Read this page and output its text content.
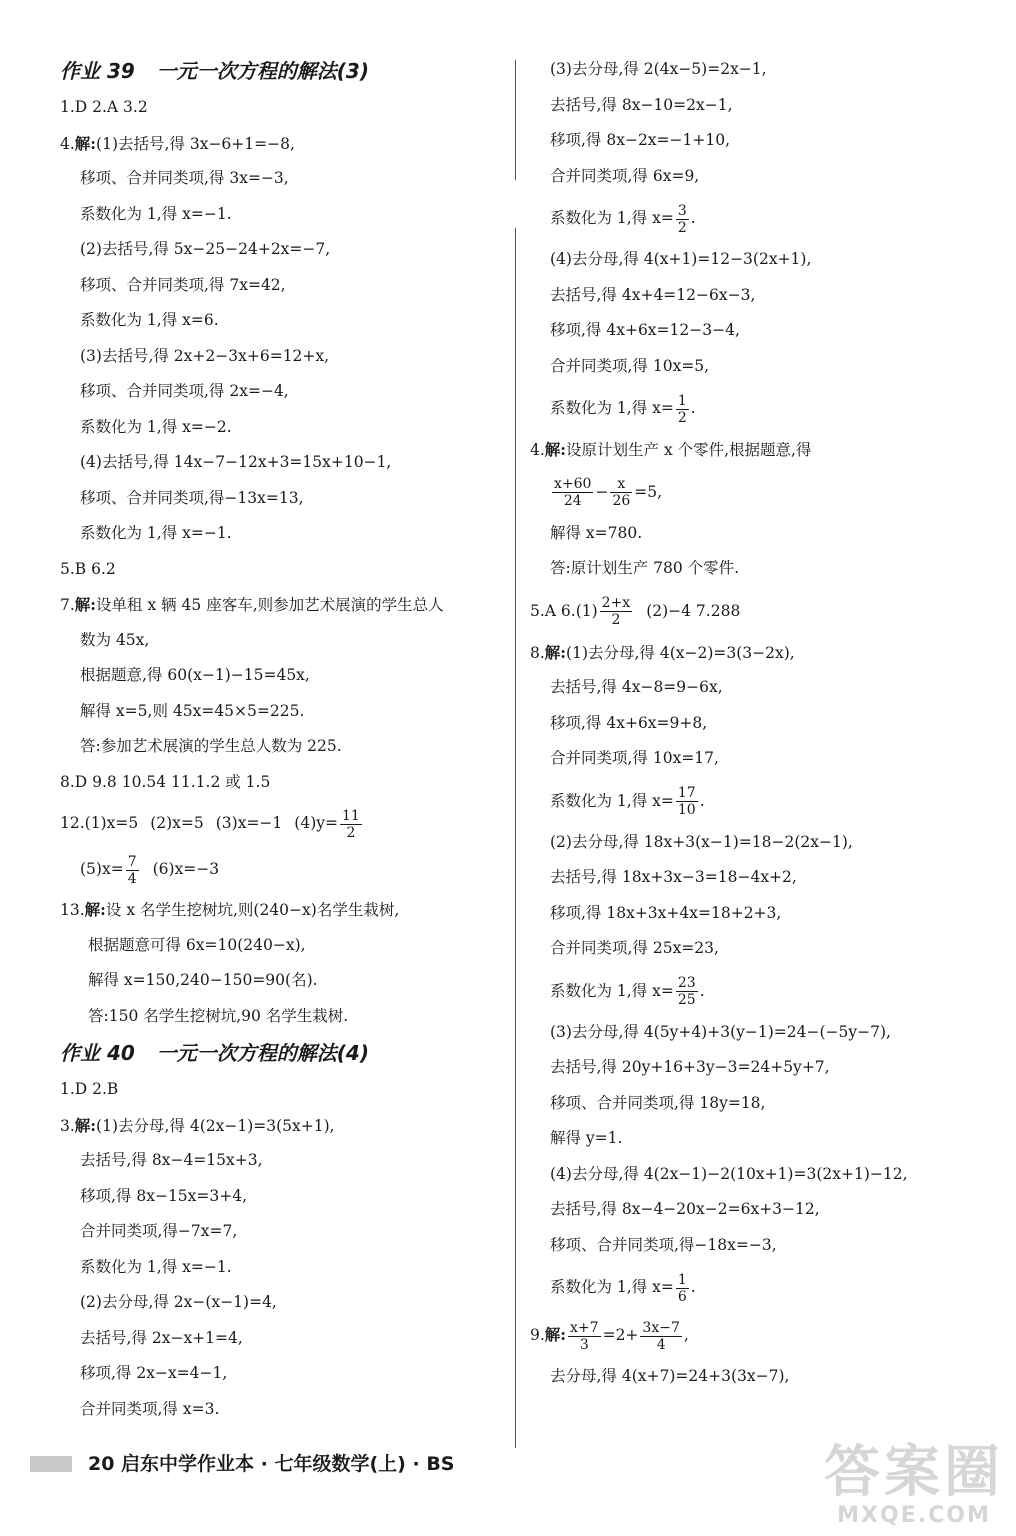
作业 39 一元一次方程的解法(3)
1.D 2.A 3.2
4.解:(1)去括号,得 3x−6+1=−8,
移项、合并同类项,得 3x=−3,
系数化为 1,得 x=−1.
(2)去括号,得 5x−25−24+2x=−7,
移项、合并同类项,得 7x=42,
系数化为 1,得 x=6.
(3)去括号,得 2x+2−3x+6=12+x,
移项、合并同类项,得 2x=−4,
系数化为 1,得 x=−2.
(4)去括号,得 14x−7−12x+3=15x+10−1,
移项、合并同类项,得−13x=13,
系数化为 1,得 x=−1.
5.B 6.2
7.解:设单租 x 辆 45 座客车,则参加艺术展演的学生总人
数为 45x,
根据题意,得 60(x−1)−15=45x,
解得 x=5,则 45x=45×5=225.
答:参加艺术展演的学生总人数为 225.
8.D 9.8 10.54 11.1.2 或 1.5
12.(1)x=5 (2)x=5 (3)x=−1 $(4)y= \frac{11}{2}$
$(5)x= \frac{7}{4} (6)x=-3$
13.解:设 x 名学生挖树坑,则(240−x)名学生栽树,
根据题意可得 6x=10(240−x),
解得 x=150,240−150=90(名).
答:150 名学生挖树坑,90 名学生栽树.
作业 40 一元一次方程的解法(4)
1.D 2.B
3.解:(1)去分母,得 4(2x−1)=3(5x+1),
去括号,得 8x−4=15x+3,
移项,得 8x−15x=3+4,
合并同类项,得−7x=7,
系数化为 1,得 x=−1.
(2)去分母,得 2x−(x−1)=4,
去括号,得 2x−x+1=4,
移项,得 2x−x=4−1,
合并同类项,得 x=3.
(3)去分母,得 2(4x−5)=2x−1,
去括号,得 8x−10=2x−1,
移项,得 8x−2x=−1+10,
合并同类项,得 6x=9,
系数化为 1,得 $x= \frac{3}{2}$ .
(4)去分母,得 4(x+1)=12−3(2x+1),
去括号,得 4x+4=12−6x−3,
移项,得 4x+6x=12−3−4,
合并同类项,得 10x=5,
系数化为 1,得 $x= \frac{1}{2}$ .
4.解:设原计划生产 x 个零件,根据题意,得
$\frac{x+60}{24} - \frac{x}{26} =5$,
解得 x=780.
答:原计划生产 780 个零件.
5.A $6.(1) \frac{2+x}{2} (2)-4$ 7.288
8.解:(1)去分母,得 4(x−2)=3(3−2x),
去括号,得 4x−8=9−6x,
移项,得 4x+6x=9+8,
合并同类项,得 10x=17,
系数化为 1,得 $x= \frac{17}{10}$ .
(2)去分母,得 18x+3(x−1)=18−2(2x−1),
去括号,得 18x+3x−3=18−4x+2,
移项,得 18x+3x+4x=18+2+3,
合并同类项,得 25x=23,
系数化为 1,得 $x= \frac{23}{25}$ .
(3)去分母,得 4(5y+4)+3(y−1)=24−(−5y−7),
去括号,得 20y+16+3y−3=24+5y+7,
移项、合并同类项,得 18y=18,
解得 y=1.
(4)去分母,得 4(2x−1)−2(10x+1)=3(2x+1)−12,
去括号,得 8x−4−20x−2=6x+3−12,
移项、合并同类项,得−18x=−3,
系数化为 1,得 $x= \frac{1}{6}$ .
9.解: $\frac{x+7}{3} =2+ \frac{3x-7}{4}$ ,
去分母,得 4(x+7)=24+3(3x−7),
20 启东中学作业本 · 七年级数学(上) · BS	答案圈
MXQE.COM
